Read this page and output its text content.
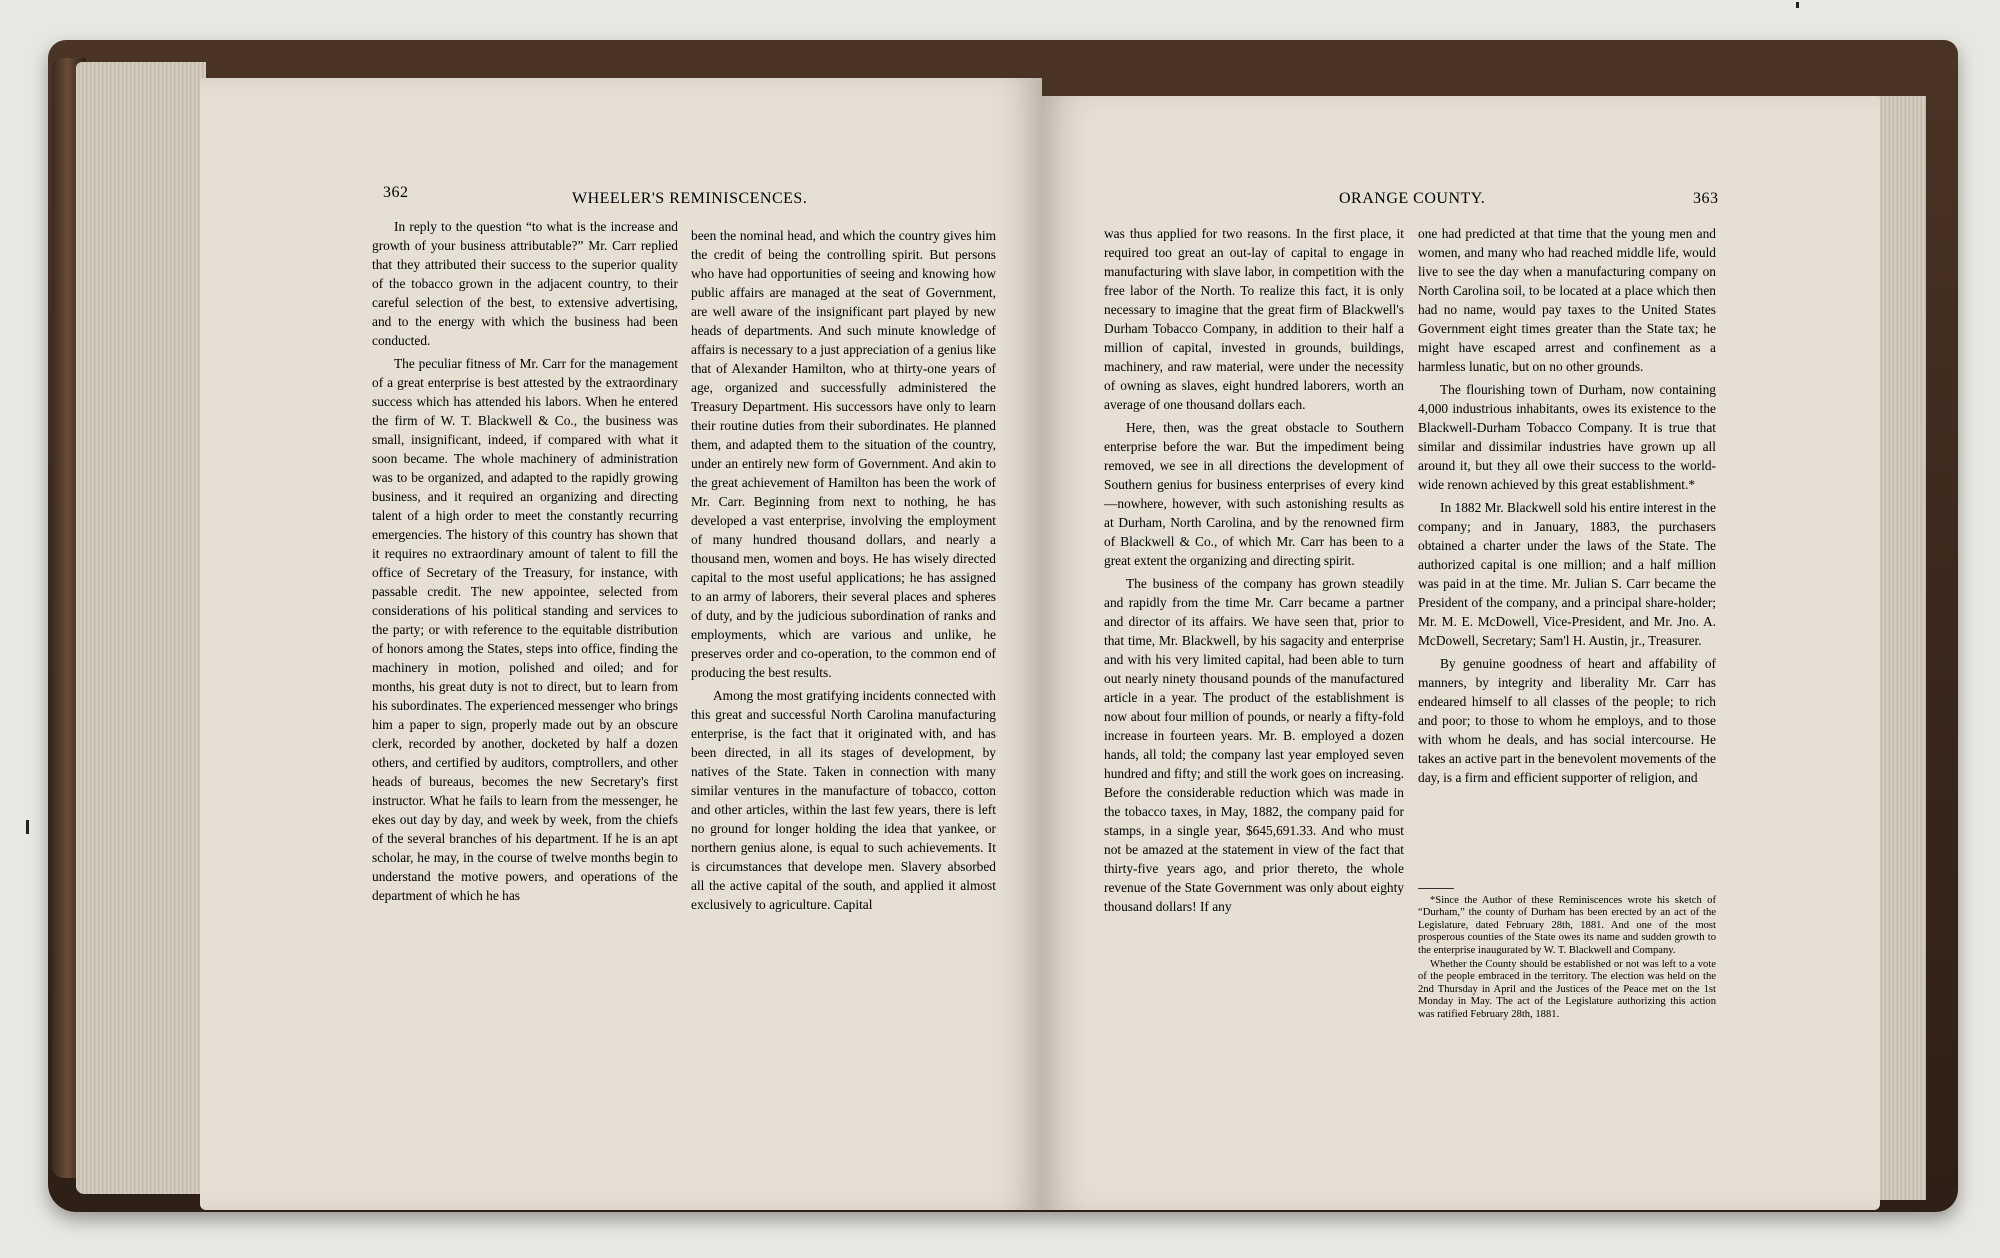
362	WHEELER'S REMINISCENCES.

In reply to the question “to what is the increase and growth of your business attributable?” Mr. Carr replied that they attributed their success to the superior quality of the tobacco grown in the adjacent country, to their careful selection of the best, to extensive advertising, and to the energy with which the business had been conducted.

The peculiar fitness of Mr. Carr for the management of a great enterprise is best attested by the extraordinary success which has attended his labors. When he entered the firm of W. T. Blackwell & Co., the business was small, insignificant, indeed, if compared with what it soon became. The whole machinery of administration was to be organized, and adapted to the rapidly growing business, and it required an organizing and directing talent of a high order to meet the constantly recurring emergencies. The history of this country has shown that it requires no extraordinary amount of talent to fill the office of Secretary of the Treasury, for instance, with passable credit. The new appointee, selected from considerations of his political standing and services to the party; or with reference to the equitable distribution of honors among the States, steps into office, finding the machinery in motion, polished and oiled; and for months, his great duty is not to direct, but to learn from his subordinates. The experienced messenger who brings him a paper to sign, properly made out by an obscure clerk, recorded by another, docketed by half a dozen others, and certified by auditors, comptrollers, and other heads of bureaus, becomes the new Secretary's first instructor. What he fails to learn from the messenger, he ekes out day by day, and week by week, from the chiefs of the several branches of his department. If he is an apt scholar, he may, in the course of twelve months begin to understand the motive powers, and operations of the department of which he has

been the nominal head, and which the country gives him the credit of being the controlling spirit. But persons who have had opportunities of seeing and knowing how public affairs are managed at the seat of Government, are well aware of the insignificant part played by new heads of departments. And such minute knowledge of affairs is necessary to a just appreciation of a genius like that of Alexander Hamilton, who at thirty-one years of age, organized and successfully administered the Treasury Department. His successors have only to learn their routine duties from their subordinates. He planned them, and adapted them to the situation of the country, under an entirely new form of Government. And akin to the great achievement of Hamilton has been the work of Mr. Carr. Beginning from next to nothing, he has developed a vast enterprise, involving the employment of many hundred thousand dollars, and nearly a thousand men, women and boys. He has wisely directed capital to the most useful applications; he has assigned to an army of laborers, their several places and spheres of duty, and by the judicious subordination of ranks and employments, which are various and unlike, he preserves order and co-operation, to the common end of producing the best results.

Among the most gratifying incidents connected with this great and successful North Carolina manufacturing enterprise, is the fact that it originated with, and has been directed, in all its stages of development, by natives of the State. Taken in connection with many similar ventures in the manufacture of tobacco, cotton and other articles, within the last few years, there is left no ground for longer holding the idea that yankee, or northern genius alone, is equal to such achievements. It is circumstances that develope men. Slavery absorbed all the active capital of the south, and applied it almost exclusively to agriculture. Capital

ORANGE COUNTY.	363

was thus applied for two reasons. In the first place, it required too great an out-lay of capital to engage in manufacturing with slave labor, in competition with the free labor of the North. To realize this fact, it is only necessary to imagine that the great firm of Blackwell's Durham Tobacco Company, in addition to their half a million of capital, invested in grounds, buildings, machinery, and raw material, were under the necessity of owning as slaves, eight hundred laborers, worth an average of one thousand dollars each.

Here, then, was the great obstacle to Southern enterprise before the war. But the impediment being removed, we see in all directions the development of Southern genius for business enterprises of every kind—nowhere, however, with such astonishing results as at Durham, North Carolina, and by the renowned firm of Blackwell & Co., of which Mr. Carr has been to a great extent the organizing and directing spirit.

The business of the company has grown steadily and rapidly from the time Mr. Carr became a partner and director of its affairs. We have seen that, prior to that time, Mr. Blackwell, by his sagacity and enterprise and with his very limited capital, had been able to turn out nearly ninety thousand pounds of the manufactured article in a year. The product of the establishment is now about four million of pounds, or nearly a fifty-fold increase in fourteen years. Mr. B. employed a dozen hands, all told; the company last year employed seven hundred and fifty; and still the work goes on increasing. Before the considerable reduction which was made in the tobacco taxes, in May, 1882, the company paid for stamps, in a single year, $645,691.33. And who must not be amazed at the statement in view of the fact that thirty-five years ago, and prior thereto, the whole revenue of the State Government was only about eighty thousand dollars! If any

one had predicted at that time that the young men and women, and many who had reached middle life, would live to see the day when a manufacturing company on North Carolina soil, to be located at a place which then had no name, would pay taxes to the United States Government eight times greater than the State tax; he might have escaped arrest and confinement as a harmless lunatic, but on no other grounds.

The flourishing town of Durham, now containing 4,000 industrious inhabitants, owes its existence to the Blackwell-Durham Tobacco Company. It is true that similar and dissimilar industries have grown up all around it, but they all owe their success to the world-wide renown achieved by this great establishment.*

In 1882 Mr. Blackwell sold his entire interest in the company; and in January, 1883, the purchasers obtained a charter under the laws of the State. The authorized capital is one million; and a half million was paid in at the time. Mr. Julian S. Carr became the President of the company, and a principal share-holder; Mr. M. E. McDowell, Vice-President, and Mr. Jno. A. McDowell, Secretary; Sam'l H. Austin, jr., Treasurer.

By genuine goodness of heart and affability of manners, by integrity and liberality Mr. Carr has endeared himself to all classes of the people; to rich and poor; to those to whom he employs, and to those with whom he deals, and has social intercourse. He takes an active part in the benevolent movements of the day, is a firm and efficient supporter of religion, and

*Since the Author of these Reminiscences wrote his sketch of “Durham,” the county of Durham has been erected by an act of the Legislature, dated February 28th, 1881. And one of the most prosperous counties of the State owes its name and sudden growth to the enterprise inaugurated by W. T. Blackwell and Company.

Whether the County should be established or not was left to a vote of the people embraced in the territory. The election was held on the 2nd Thursday in April and the Justices of the Peace met on the 1st Monday in May. The act of the Legislature authorizing this action was ratified February 28th, 1881.
